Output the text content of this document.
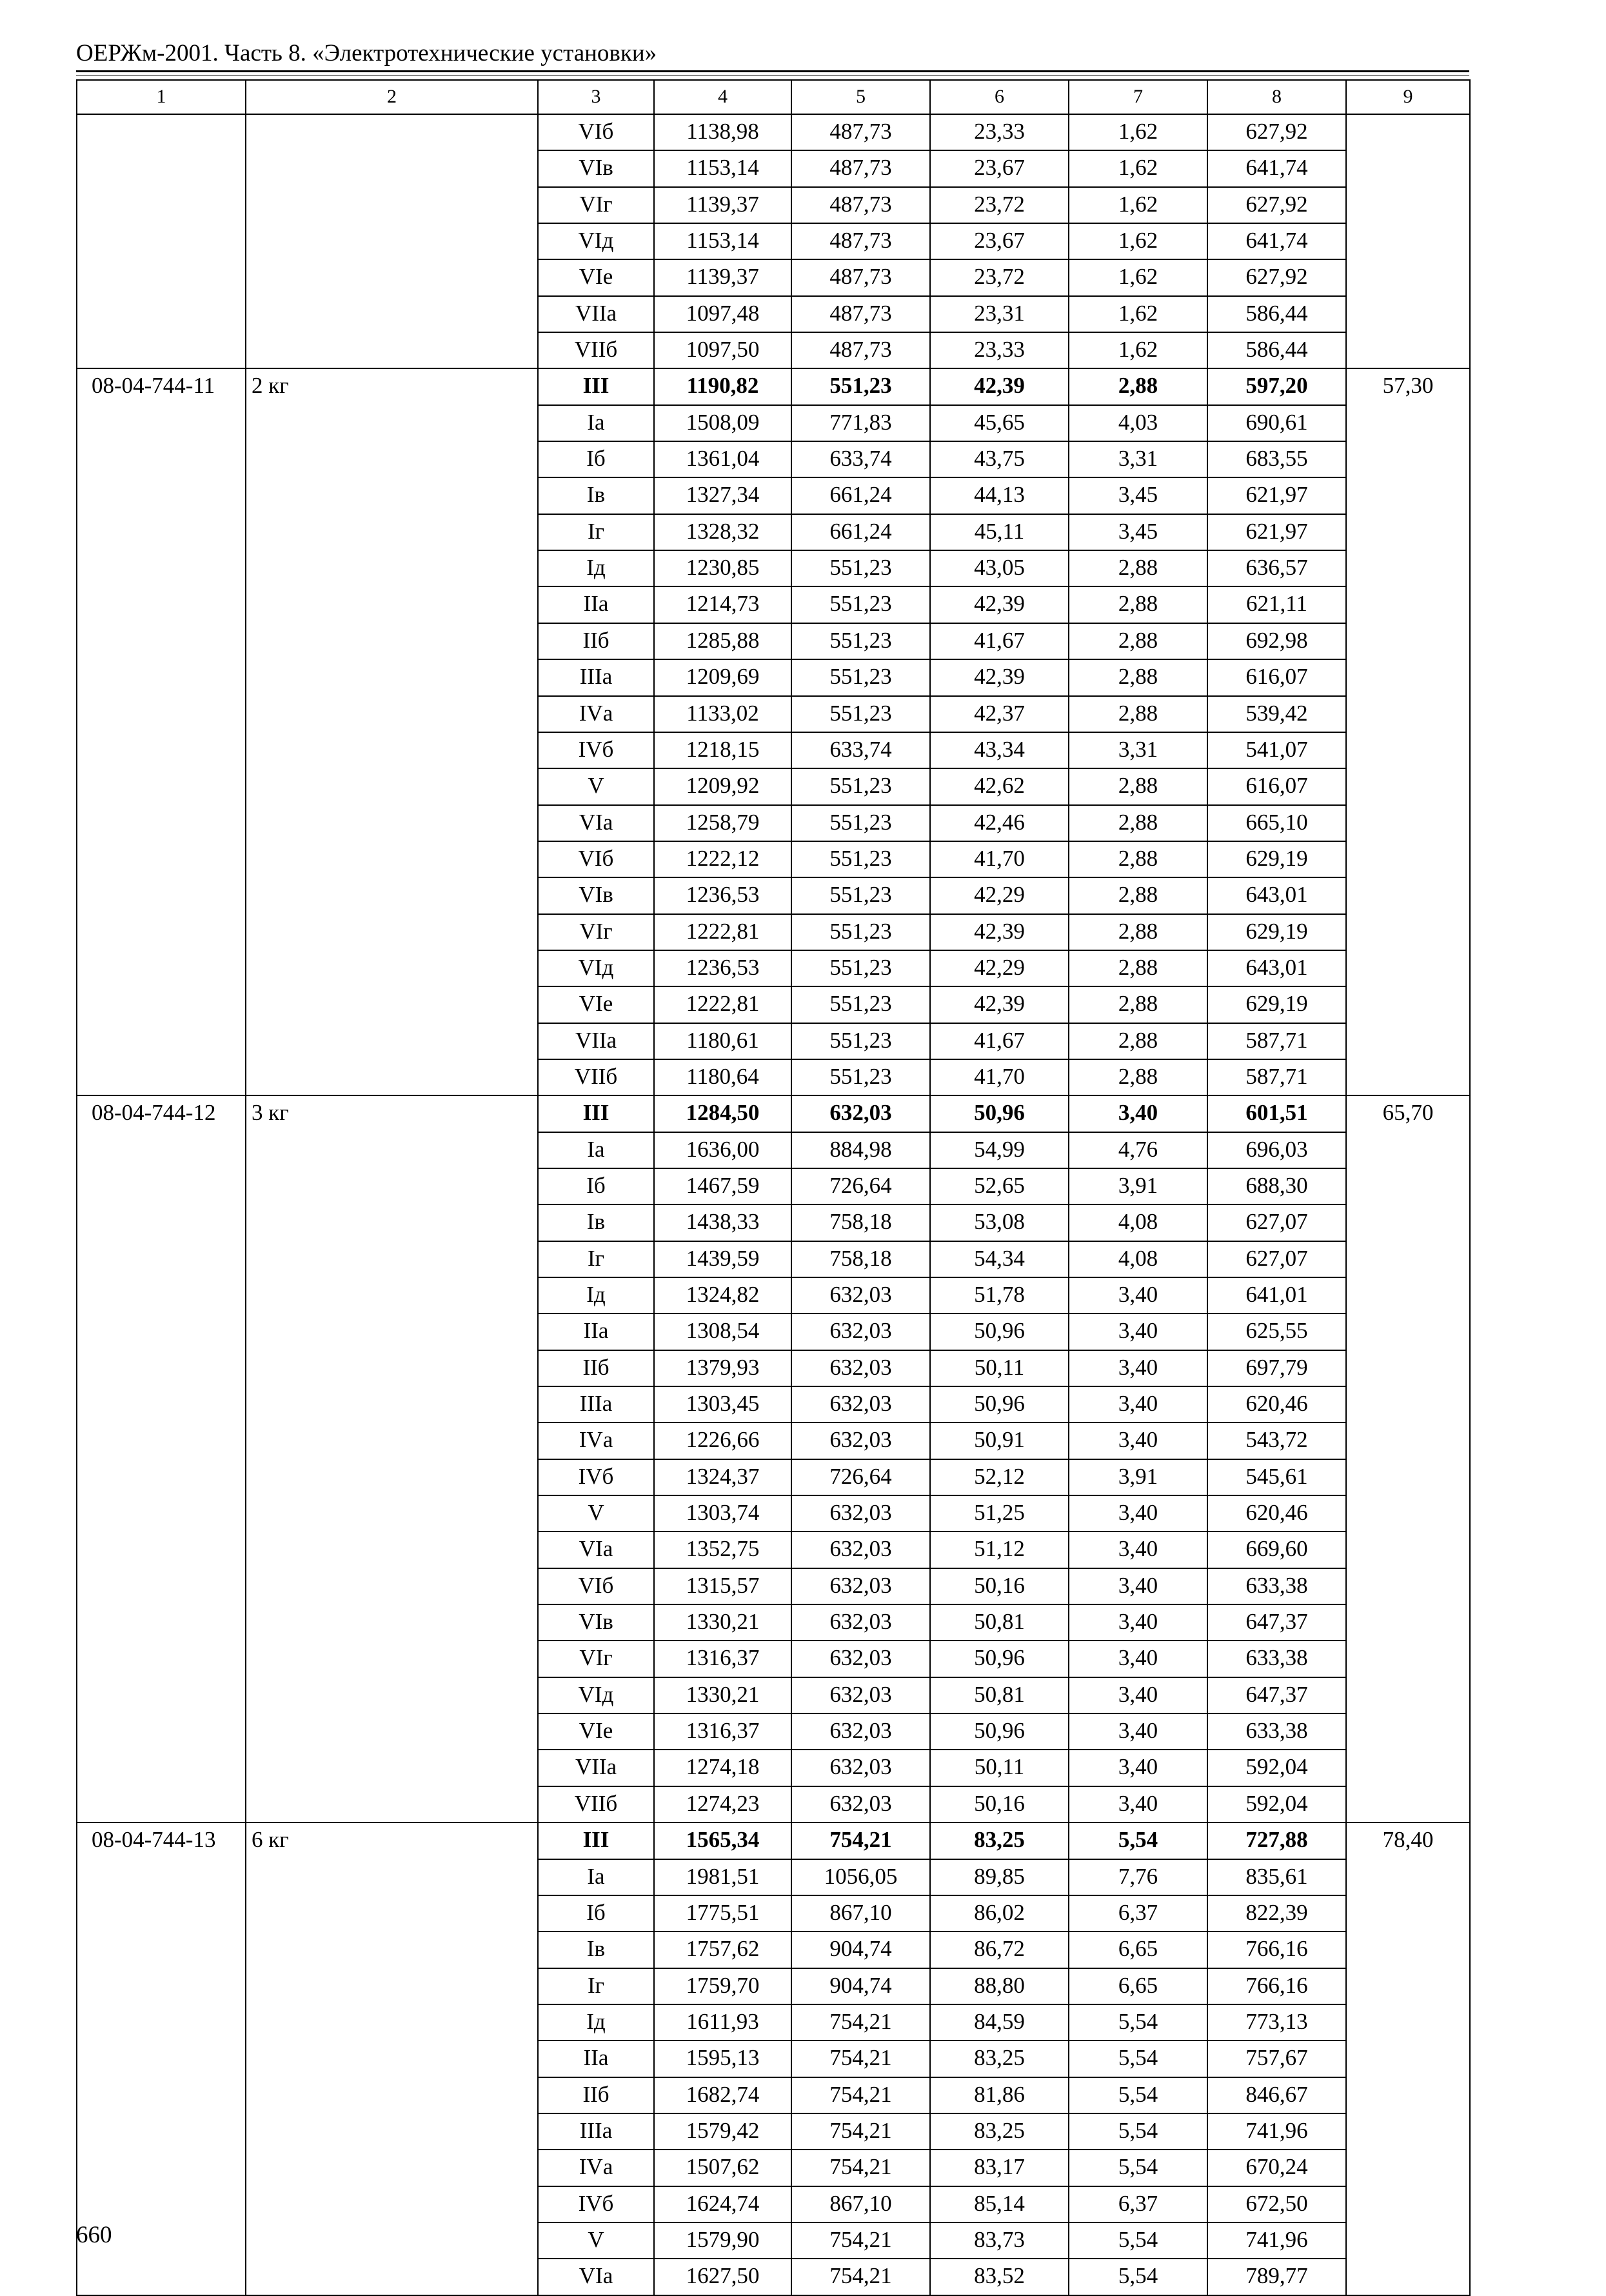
ОЕРЖм-2001. Часть 8. «Электротехнические установки»
1	2	3	4	5	6	7	8	9
		VIб	1138,98	487,73	23,33	1,62	627,92	
		VIв	1153,14	487,73	23,67	1,62	641,74	
		VIг	1139,37	487,73	23,72	1,62	627,92	
		VIд	1153,14	487,73	23,67	1,62	641,74	
		VIе	1139,37	487,73	23,72	1,62	627,92	
		VIIа	1097,48	487,73	23,31	1,62	586,44	
		VIIб	1097,50	487,73	23,33	1,62	586,44	
08-04-744-11	2 кг	III	1190,82	551,23	42,39	2,88	597,20	57,30
		Iа	1508,09	771,83	45,65	4,03	690,61	
		Iб	1361,04	633,74	43,75	3,31	683,55	
		Iв	1327,34	661,24	44,13	3,45	621,97	
		Iг	1328,32	661,24	45,11	3,45	621,97	
		Iд	1230,85	551,23	43,05	2,88	636,57	
		IIа	1214,73	551,23	42,39	2,88	621,11	
		IIб	1285,88	551,23	41,67	2,88	692,98	
		IIIа	1209,69	551,23	42,39	2,88	616,07	
		IVа	1133,02	551,23	42,37	2,88	539,42	
		IVб	1218,15	633,74	43,34	3,31	541,07	
		V	1209,92	551,23	42,62	2,88	616,07	
		VIа	1258,79	551,23	42,46	2,88	665,10	
		VIб	1222,12	551,23	41,70	2,88	629,19	
		VIв	1236,53	551,23	42,29	2,88	643,01	
		VIг	1222,81	551,23	42,39	2,88	629,19	
		VIд	1236,53	551,23	42,29	2,88	643,01	
		VIе	1222,81	551,23	42,39	2,88	629,19	
		VIIа	1180,61	551,23	41,67	2,88	587,71	
		VIIб	1180,64	551,23	41,70	2,88	587,71	
08-04-744-12	3 кг	III	1284,50	632,03	50,96	3,40	601,51	65,70
		Iа	1636,00	884,98	54,99	4,76	696,03	
		Iб	1467,59	726,64	52,65	3,91	688,30	
		Iв	1438,33	758,18	53,08	4,08	627,07	
		Iг	1439,59	758,18	54,34	4,08	627,07	
		Iд	1324,82	632,03	51,78	3,40	641,01	
		IIа	1308,54	632,03	50,96	3,40	625,55	
		IIб	1379,93	632,03	50,11	3,40	697,79	
		IIIа	1303,45	632,03	50,96	3,40	620,46	
		IVа	1226,66	632,03	50,91	3,40	543,72	
		IVб	1324,37	726,64	52,12	3,91	545,61	
		V	1303,74	632,03	51,25	3,40	620,46	
		VIа	1352,75	632,03	51,12	3,40	669,60	
		VIб	1315,57	632,03	50,16	3,40	633,38	
		VIв	1330,21	632,03	50,81	3,40	647,37	
		VIг	1316,37	632,03	50,96	3,40	633,38	
		VIд	1330,21	632,03	50,81	3,40	647,37	
		VIе	1316,37	632,03	50,96	3,40	633,38	
		VIIа	1274,18	632,03	50,11	3,40	592,04	
		VIIб	1274,23	632,03	50,16	3,40	592,04	
08-04-744-13	6 кг	III	1565,34	754,21	83,25	5,54	727,88	78,40
		Iа	1981,51	1056,05	89,85	7,76	835,61	
		Iб	1775,51	867,10	86,02	6,37	822,39	
		Iв	1757,62	904,74	86,72	6,65	766,16	
		Iг	1759,70	904,74	88,80	6,65	766,16	
		Iд	1611,93	754,21	84,59	5,54	773,13	
		IIа	1595,13	754,21	83,25	5,54	757,67	
		IIб	1682,74	754,21	81,86	5,54	846,67	
		IIIа	1579,42	754,21	83,25	5,54	741,96	
		IVа	1507,62	754,21	83,17	5,54	670,24	
		IVб	1624,74	867,10	85,14	6,37	672,50	
		V	1579,90	754,21	83,73	5,54	741,96	
		VIа	1627,50	754,21	83,52	5,54	789,77	
660
